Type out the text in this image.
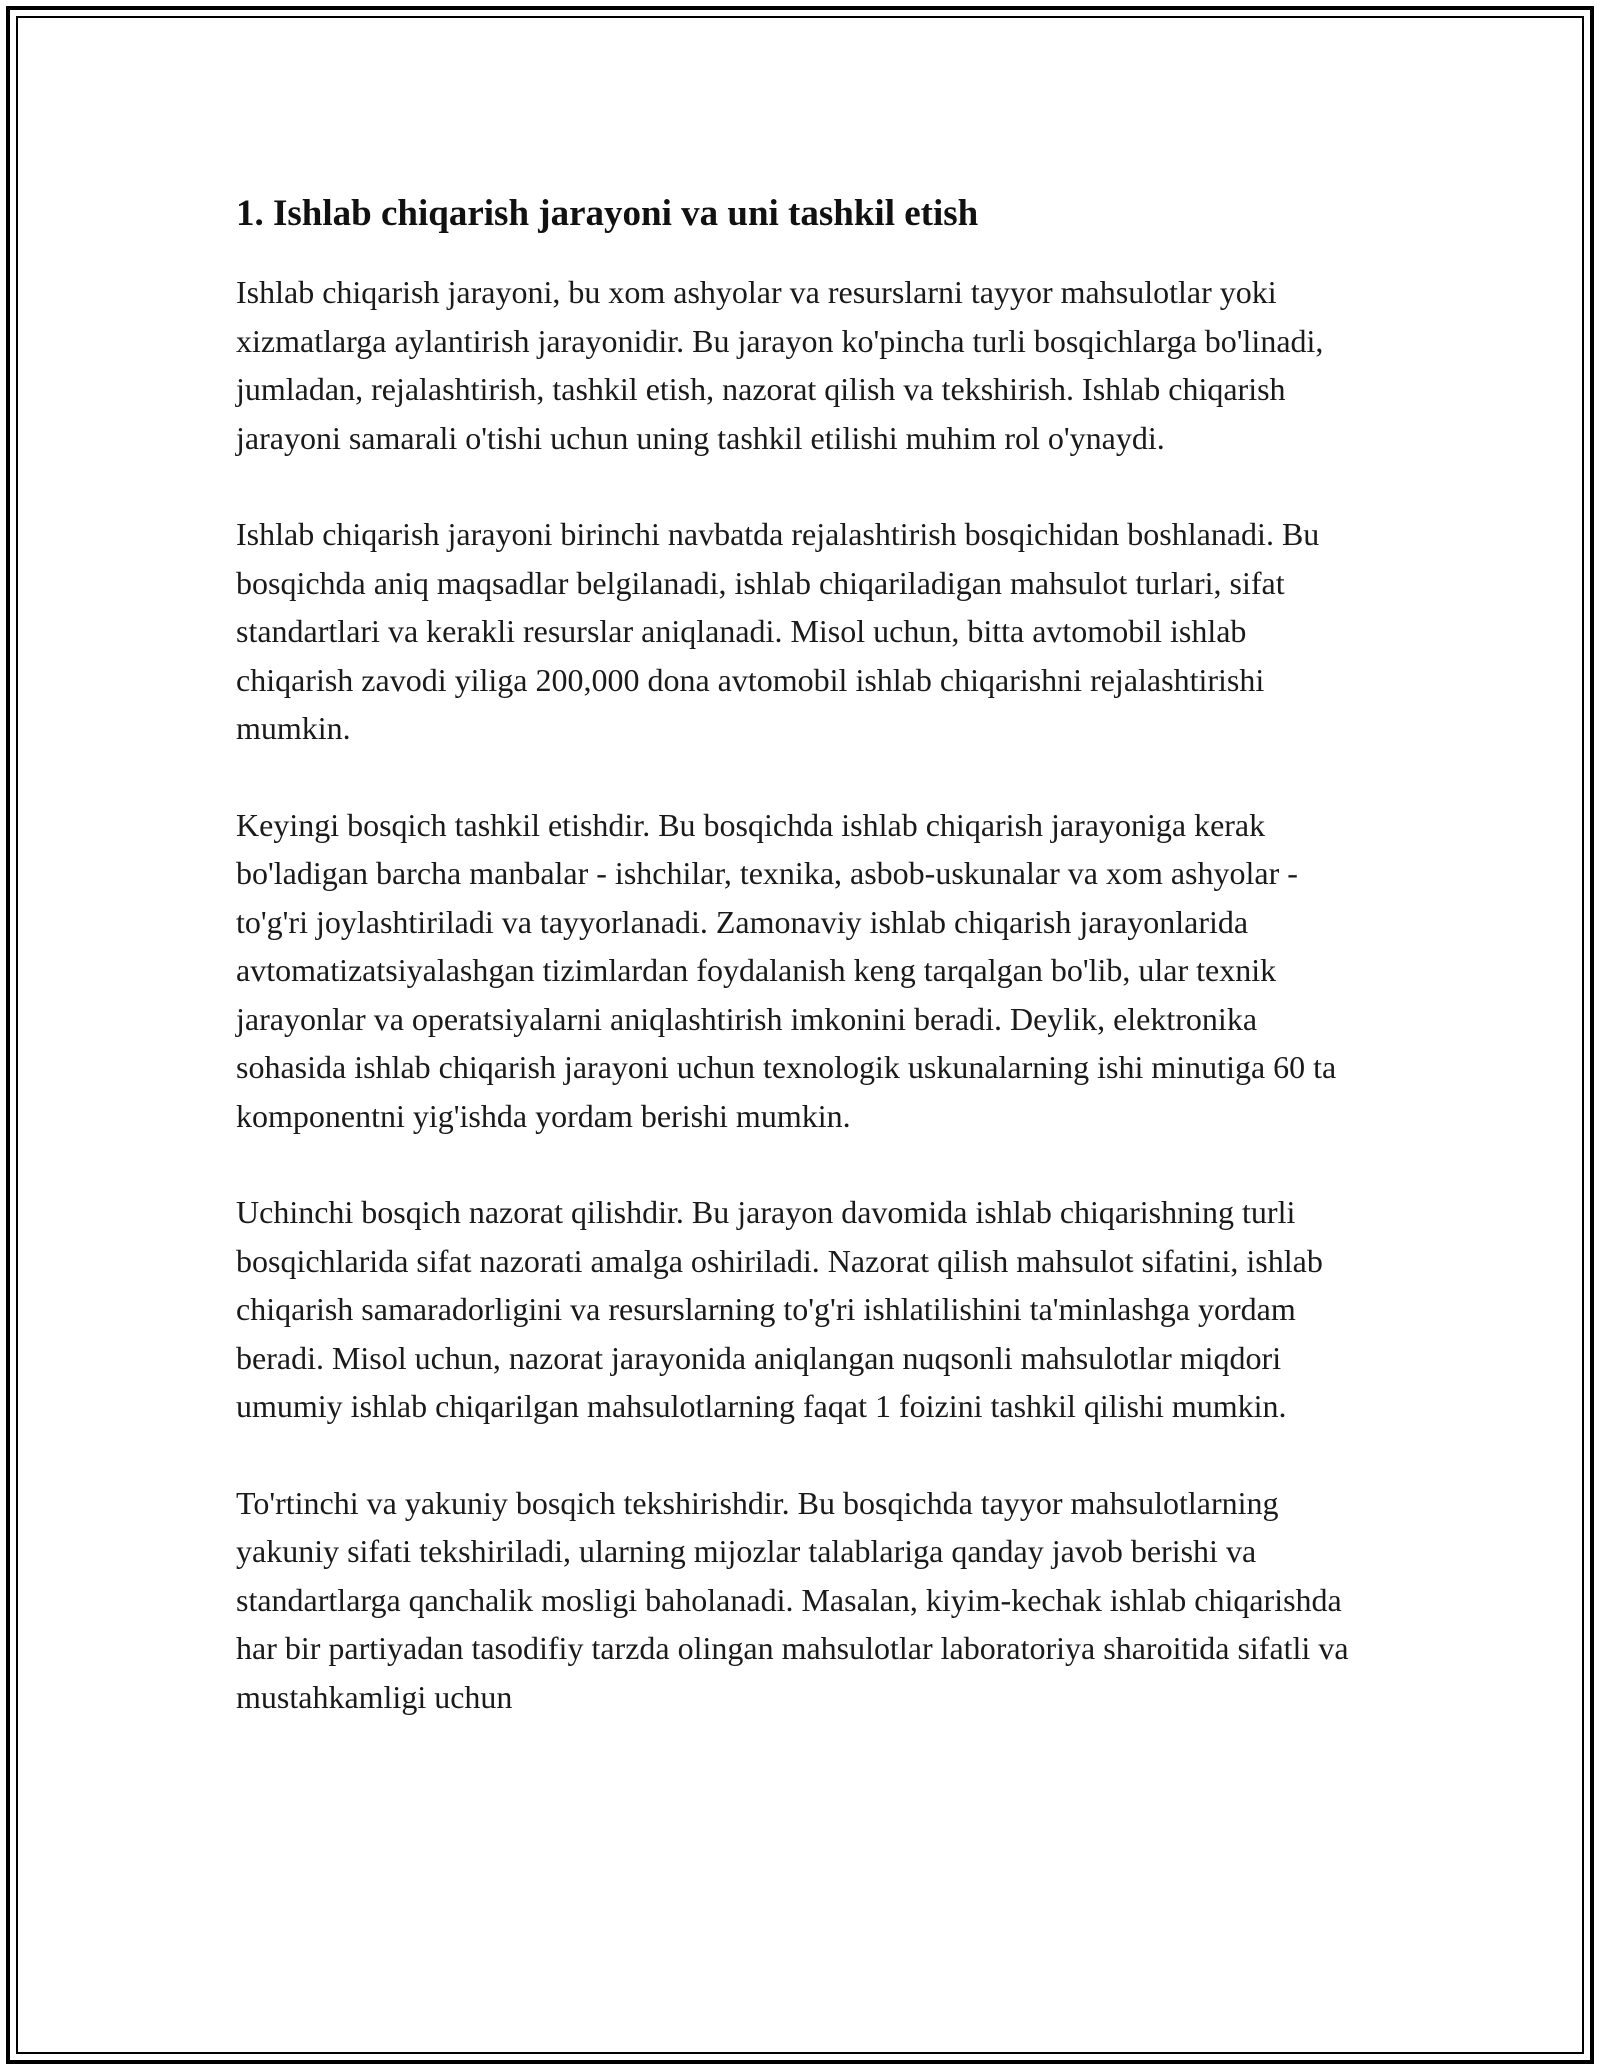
1. Ishlab chiqarish jarayoni va uni tashkil etish

Ishlab chiqarish jarayoni, bu xom ashyolar va resurslarni tayyor mahsulotlar yoki xizmatlarga aylantirish jarayonidir. Bu jarayon ko'pincha turli bosqichlarga bo'linadi, jumladan, rejalashtirish, tashkil etish, nazorat qilish va tekshirish. Ishlab chiqarish jarayoni samarali o'tishi uchun uning tashkil etilishi muhim rol o'ynaydi.

Ishlab chiqarish jarayoni birinchi navbatda rejalashtirish bosqichidan boshlanadi. Bu bosqichda aniq maqsadlar belgilanadi, ishlab chiqariladigan mahsulot turlari, sifat standartlari va kerakli resurslar aniqlanadi. Misol uchun, bitta avtomobil ishlab chiqarish zavodi yiliga 200,000 dona avtomobil ishlab chiqarishni rejalashtirishi mumkin.

Keyingi bosqich tashkil etishdir. Bu bosqichda ishlab chiqarish jarayoniga kerak bo'ladigan barcha manbalar - ishchilar, texnika, asbob-uskunalar va xom ashyolar - to'g'ri joylashtiriladi va tayyorlanadi. Zamonaviy ishlab chiqarish jarayonlarida avtomatizatsiyalashgan tizimlardan foydalanish keng tarqalgan bo'lib, ular texnik jarayonlar va operatsiyalarni aniqlashtirish imkonini beradi. Deylik, elektronika sohasida ishlab chiqarish jarayoni uchun texnologik uskunalarning ishi minutiga 60 ta komponentni yig'ishda yordam berishi mumkin.

Uchinchi bosqich nazorat qilishdir. Bu jarayon davomida ishlab chiqarishning turli bosqichlarida sifat nazorati amalga oshiriladi. Nazorat qilish mahsulot sifatini, ishlab chiqarish samaradorligini va resurslarning to'g'ri ishlatilishini ta'minlashga yordam beradi. Misol uchun, nazorat jarayonida aniqlangan nuqsonli mahsulotlar miqdori umumiy ishlab chiqarilgan mahsulotlarning faqat 1 foizini tashkil qilishi mumkin.

To'rtinchi va yakuniy bosqich tekshirishdir. Bu bosqichda tayyor mahsulotlarning yakuniy sifati tekshiriladi, ularning mijozlar talablariga qanday javob berishi va standartlarga qanchalik mosligi baholanadi. Masalan, kiyim-kechak ishlab chiqarishda har bir partiyadan tasodifiy tarzda olingan mahsulotlar laboratoriya sharoitida sifatli va mustahkamligi uchun
